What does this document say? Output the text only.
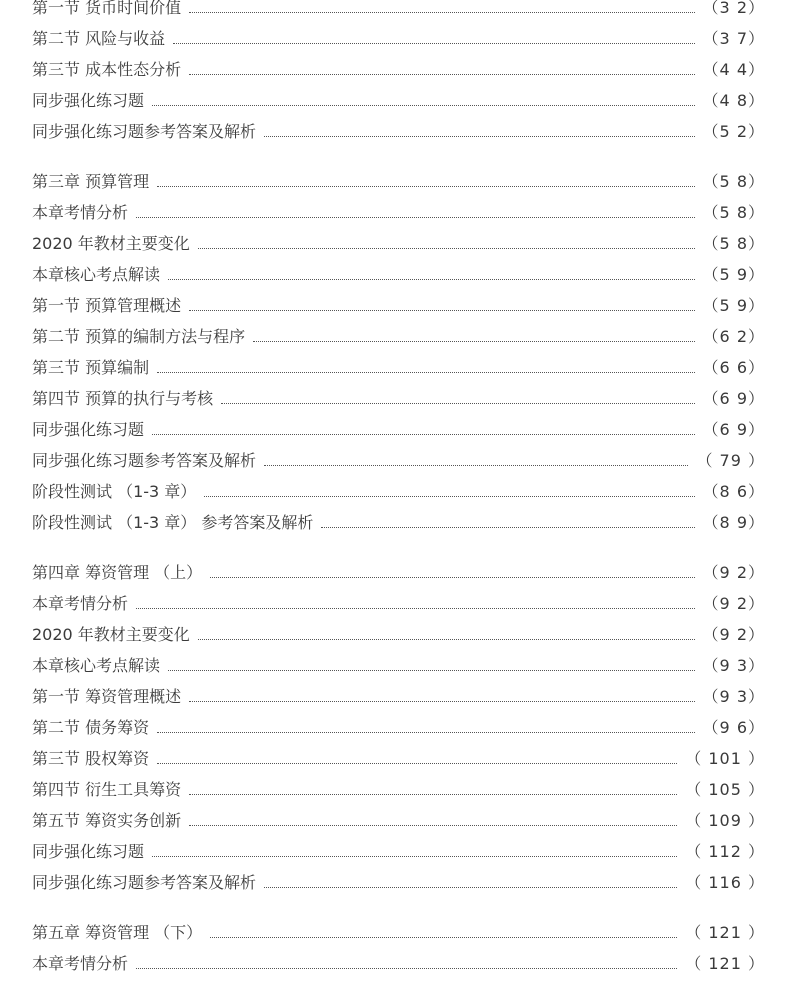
第一节 货币时间价值	（3 2）
第二节 风险与收益	（3 7）
第三节 成本性态分析	（4 4）
同步强化练习题	（4 8）
同步强化练习题参考答案及解析	（5 2）
第三章 预算管理	（5 8）
本章考情分析	（5 8）
2020 年教材主要变化	（5 8）
本章核心考点解读	（5 9）
第一节 预算管理概述	（5 9）
第二节 预算的编制方法与程序	（6 2）
第三节 预算编制	（6 6）
第四节 预算的执行与考核	（6 9）
同步强化练习题	（6 9）
同步强化练习题参考答案及解析	（ 79 ）
阶段性测试 （1-3 章）	（8 6）
阶段性测试 （1-3 章） 参考答案及解析	（8 9）
第四章 筹资管理 （上）	（9 2）
本章考情分析	（9 2）
2020 年教材主要变化	（9 2）
本章核心考点解读	（9 3）
第一节 筹资管理概述	（9 3）
第二节 债务筹资	（9 6）
第三节 股权筹资	（ 101 ）
第四节 衍生工具筹资	（ 105 ）
第五节 筹资实务创新	（ 109 ）
同步强化练习题	（ 112 ）
同步强化练习题参考答案及解析	（ 116 ）
第五章 筹资管理 （下）	（ 121 ）
本章考情分析	（ 121 ）
